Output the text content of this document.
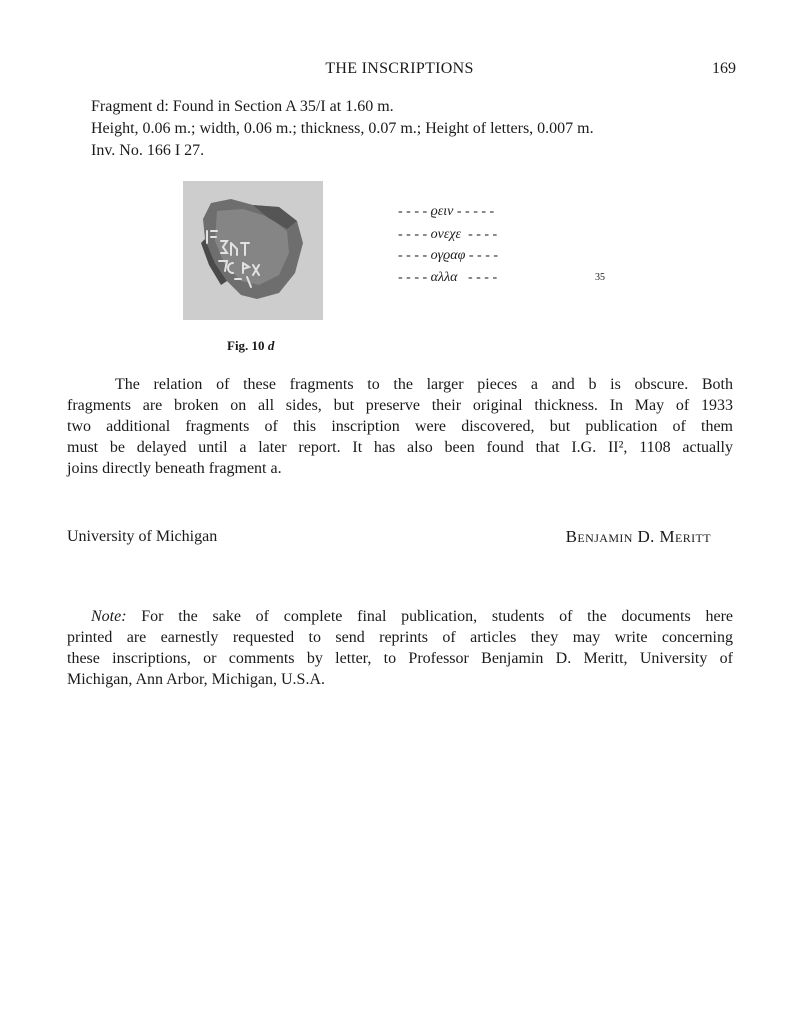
THE INSCRIPTIONS	169
Fragment d: Found in Section A 35/I at 1.60 m.
Height, 0.06 m.; width, 0.06 m.; thickness, 0.07 m.; Height of letters, 0.007 m.
Inv. No. 166 I 27.
Fig. 10 d
- - - - ϱειν - - - - -
- - - - ονεχε  - - - -
- - - - ογϱαφ - - - -
- - - - αλλα   - - - -	35
The relation of these fragments to the larger pieces a and b is obscure. Both
fragments are broken on all sides, but preserve their original thickness. In May of 1933
two additional fragments of this inscription were discovered, but publication of them
must be delayed until a later report. It has also been found that I.G. II², 1108 actually
joins directly beneath fragment a.
University of Michigan	Benjamin D. Meritt
Note: For the sake of complete final publication, students of the documents here
printed are earnestly requested to send reprints of articles they may write concerning
these inscriptions, or comments by letter, to Professor Benjamin D. Meritt, University of
Michigan, Ann Arbor, Michigan, U.S.A.
